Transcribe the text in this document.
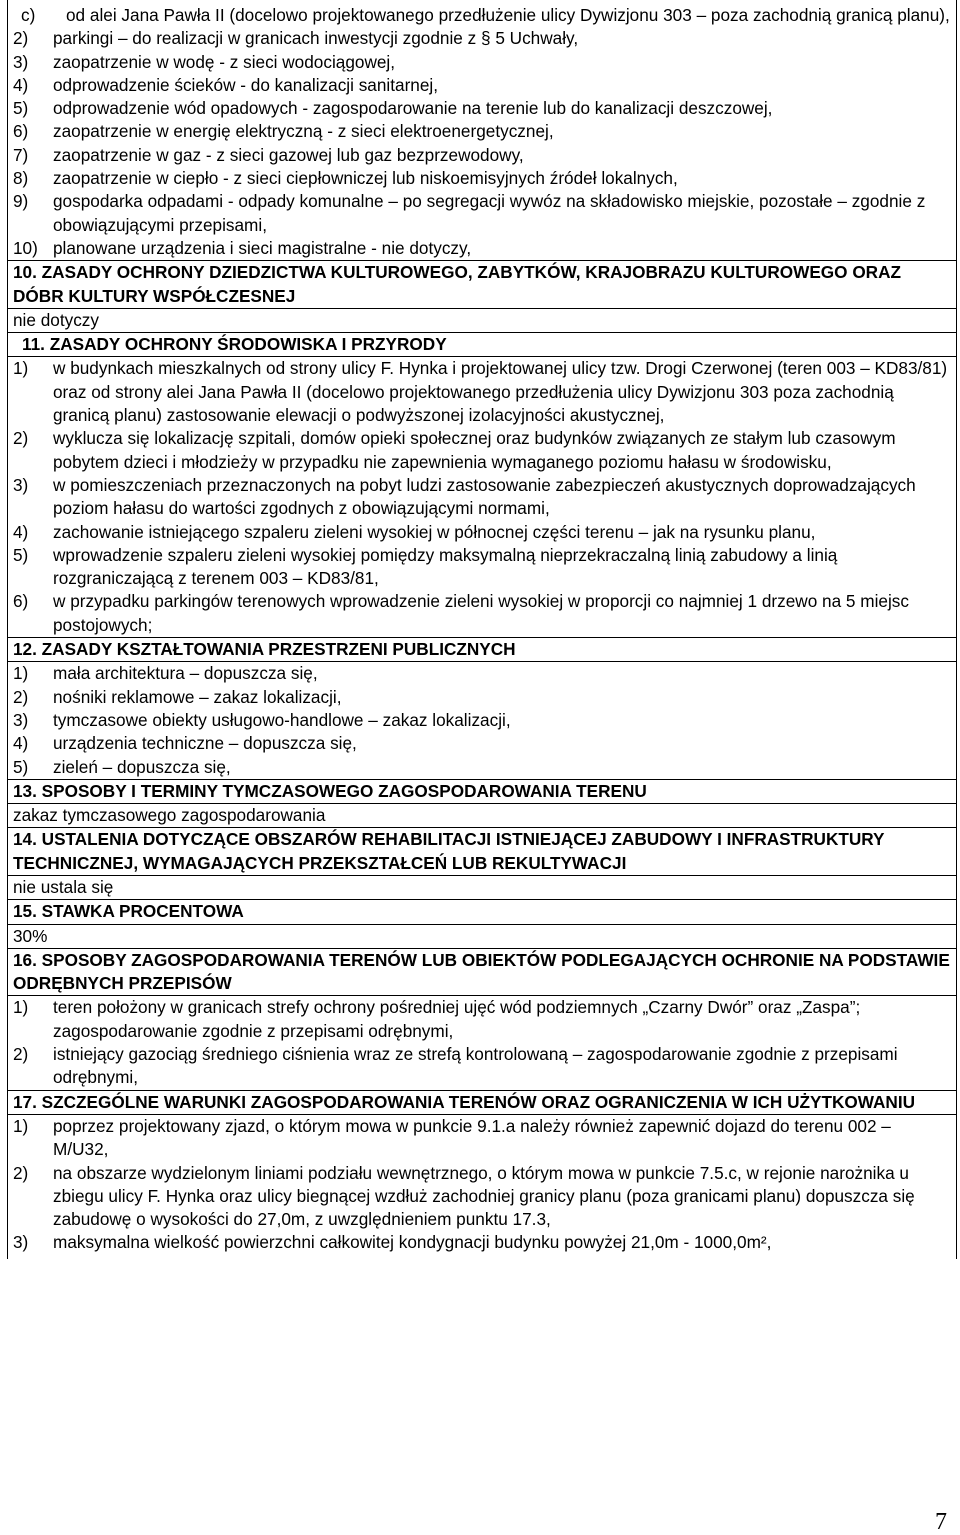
c)	od alei Jana Pawła II (docelowo projektowanego przedłużenie ulicy Dywizjonu 303 – poza zachodnią granicą planu),
2)	parkingi – do realizacji w granicach inwestycji zgodnie z § 5 Uchwały,
3)	zaopatrzenie w wodę - z sieci wodociągowej,
4)	odprowadzenie ścieków - do kanalizacji sanitarnej,
5)	odprowadzenie wód opadowych - zagospodarowanie na terenie lub do kanalizacji deszczowej,
6)	zaopatrzenie w energię elektryczną - z sieci elektroenergetycznej,
7)	zaopatrzenie w gaz - z sieci gazowej lub gaz bezprzewodowy,
8)	zaopatrzenie w ciepło - z sieci ciepłowniczej lub niskoemisyjnych źródeł lokalnych,
9)	gospodarka odpadami - odpady komunalne – po segregacji wywóz na składowisko miejskie, pozostałe – zgodnie z obowiązującymi przepisami,
10) planowane urządzenia i sieci magistralne - nie dotyczy,
10. ZASADY OCHRONY DZIEDZICTWA KULTUROWEGO, ZABYTKÓW, KRAJOBRAZU KULTUROWEGO ORAZ DÓBR KULTURY WSPÓŁCZESNEJ
nie dotyczy
11. ZASADY OCHRONY ŚRODOWISKA I PRZYRODY
1)	w budynkach mieszkalnych od strony ulicy F. Hynka i projektowanej ulicy tzw. Drogi Czerwonej (teren 003 – KD83/81) oraz od strony alei Jana Pawła II (docelowo projektowanego przedłużenia ulicy Dywizjonu 303 poza zachodnią granicą planu) zastosowanie elewacji o podwyższonej izolacyjności akustycznej,
2)	wyklucza się lokalizację szpitali, domów opieki społecznej oraz budynków związanych ze stałym lub czasowym pobytem dzieci i młodzieży w przypadku nie zapewnienia wymaganego poziomu hałasu w środowisku,
3)	w pomieszczeniach przeznaczonych na pobyt ludzi zastosowanie zabezpieczeń akustycznych doprowadzających poziom hałasu do wartości zgodnych z obowiązującymi normami,
4)	zachowanie istniejącego szpaleru zieleni wysokiej w północnej części terenu – jak na rysunku planu,
5)	wprowadzenie szpaleru zieleni wysokiej pomiędzy maksymalną nieprzekraczalną linią zabudowy a linią rozgraniczającą z terenem 003 – KD83/81,
6)	w przypadku parkingów terenowych wprowadzenie zieleni wysokiej w proporcji co najmniej 1 drzewo na 5 miejsc postojowych;
12. ZASADY KSZTAŁTOWANIA PRZESTRZENI PUBLICZNYCH
1)	mała architektura – dopuszcza się,
2)	nośniki reklamowe – zakaz lokalizacji,
3)	tymczasowe obiekty usługowo-handlowe – zakaz lokalizacji,
4)	urządzenia techniczne – dopuszcza się,
5)	zieleń – dopuszcza się,
13. SPOSOBY I TERMINY TYMCZASOWEGO ZAGOSPODAROWANIA TERENU
zakaz tymczasowego zagospodarowania
14. USTALENIA DOTYCZĄCE OBSZARÓW REHABILITACJI ISTNIEJĄCEJ ZABUDOWY I INFRASTRUKTURY TECHNICZNEJ, WYMAGAJĄCYCH PRZEKSZTAŁCEŃ LUB REKULTYWACJI
nie ustala się
15. STAWKA PROCENTOWA
30%
16. SPOSOBY ZAGOSPODAROWANIA TERENÓW LUB OBIEKTÓW PODLEGAJĄCYCH OCHRONIE NA PODSTAWIE ODRĘBNYCH PRZEPISÓW
1)	teren położony w granicach strefy ochrony pośredniej ujęć wód podziemnych „Czarny Dwór” oraz „Zaspa”; zagospodarowanie zgodnie z przepisami odrębnymi,
2)	istniejący gazociąg średniego ciśnienia wraz ze strefą kontrolowaną – zagospodarowanie zgodnie z przepisami odrębnymi,
17. SZCZEGÓLNE WARUNKI ZAGOSPODAROWANIA TERENÓW ORAZ OGRANICZENIA W ICH UŻYTKOWANIU
1)	poprzez projektowany zjazd, o którym mowa w punkcie 9.1.a należy również zapewnić dojazd do terenu 002 – M/U32,
2)	na obszarze wydzielonym liniami podziału wewnętrznego, o którym mowa w punkcie 7.5.c, w rejonie narożnika u zbiegu ulicy F. Hynka oraz ulicy biegnącej wzdłuż zachodniej granicy planu (poza granicami planu) dopuszcza się zabudowę o wysokości do 27,0m, z uwzględnieniem punktu 17.3,
3)	maksymalna wielkość powierzchni całkowitej kondygnacji budynku powyżej 21,0m - 1000,0m²,
7
